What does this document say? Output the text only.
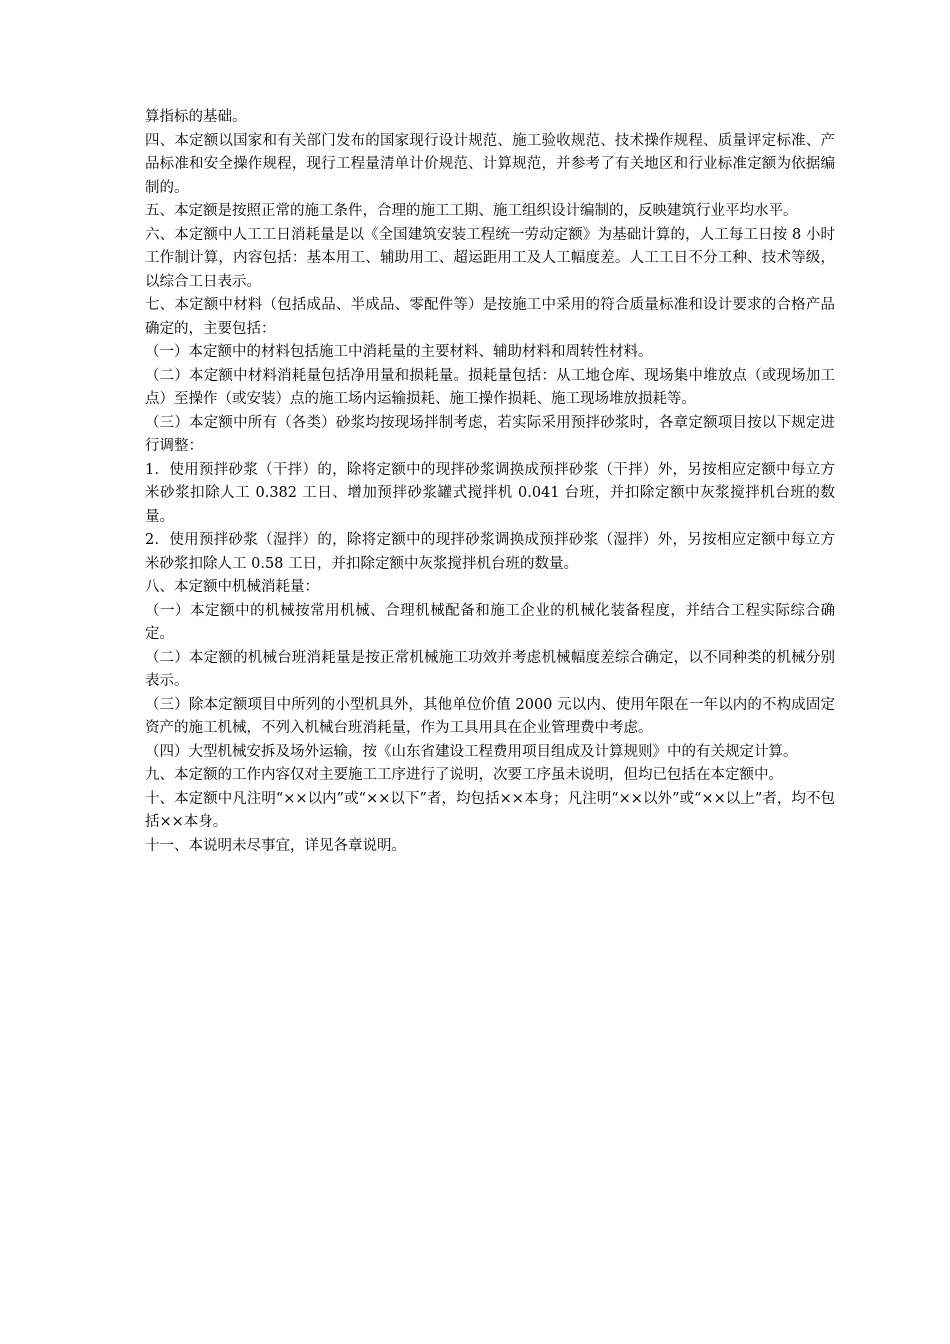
算指标的基础。

四、本定额以国家和有关部门发布的国家现行设计规范、施工验收规范、技术操作规程、质量评定标准、产品标准和安全操作规程，现行工程量清单计价规范、计算规范，并参考了有关地区和行业标准定额为依据编制的。

五、本定额是按照正常的施工条件，合理的施工工期、施工组织设计编制的，反映建筑行业平均水平。

六、本定额中人工工日消耗量是以《全国建筑安装工程统一劳动定额》为基础计算的，人工每工日按 8 小时工作制计算，内容包括：基本用工、辅助用工、超运距用工及人工幅度差。人工工日不分工种、技术等级，以综合工日表示。

七、本定额中材料（包括成品、半成品、零配件等）是按施工中采用的符合质量标准和设计要求的合格产品确定的，主要包括：

（一）本定额中的材料包括施工中消耗量的主要材料、辅助材料和周转性材料。

（二）本定额中材料消耗量包括净用量和损耗量。损耗量包括：从工地仓库、现场集中堆放点（或现场加工点）至操作（或安装）点的施工场内运输损耗、施工操作损耗、施工现场堆放损耗等。

（三）本定额中所有（各类）砂浆均按现场拌制考虑，若实际采用预拌砂浆时，各章定额项目按以下规定进行调整：

1．使用预拌砂浆（干拌）的，除将定额中的现拌砂浆调换成预拌砂浆（干拌）外，另按相应定额中每立方米砂浆扣除人工 0.382 工日、增加预拌砂浆罐式搅拌机 0.041 台班，并扣除定额中灰浆搅拌机台班的数量。

2．使用预拌砂浆（湿拌）的，除将定额中的现拌砂浆调换成预拌砂浆（湿拌）外，另按相应定额中每立方米砂浆扣除人工 0.58 工日，并扣除定额中灰浆搅拌机台班的数量。

八、本定额中机械消耗量：

（一）本定额中的机械按常用机械、合理机械配备和施工企业的机械化装备程度，并结合工程实际综合确定。

（二）本定额的机械台班消耗量是按正常机械施工功效并考虑机械幅度差综合确定，以不同种类的机械分别表示。

（三）除本定额项目中所列的小型机具外，其他单位价值 2000 元以内、使用年限在一年以内的不构成固定资产的施工机械，不列入机械台班消耗量，作为工具用具在企业管理费中考虑。

（四）大型机械安拆及场外运输，按《山东省建设工程费用项目组成及计算规则》中的有关规定计算。

九、本定额的工作内容仅对主要施工工序进行了说明，次要工序虽未说明，但均已包括在本定额中。

十、本定额中凡注明“××以内”或“××以下”者，均包括××本身；凡注明“××以外”或“××以上”者，均不包括××本身。

十一、本说明未尽事宜，详见各章说明。
